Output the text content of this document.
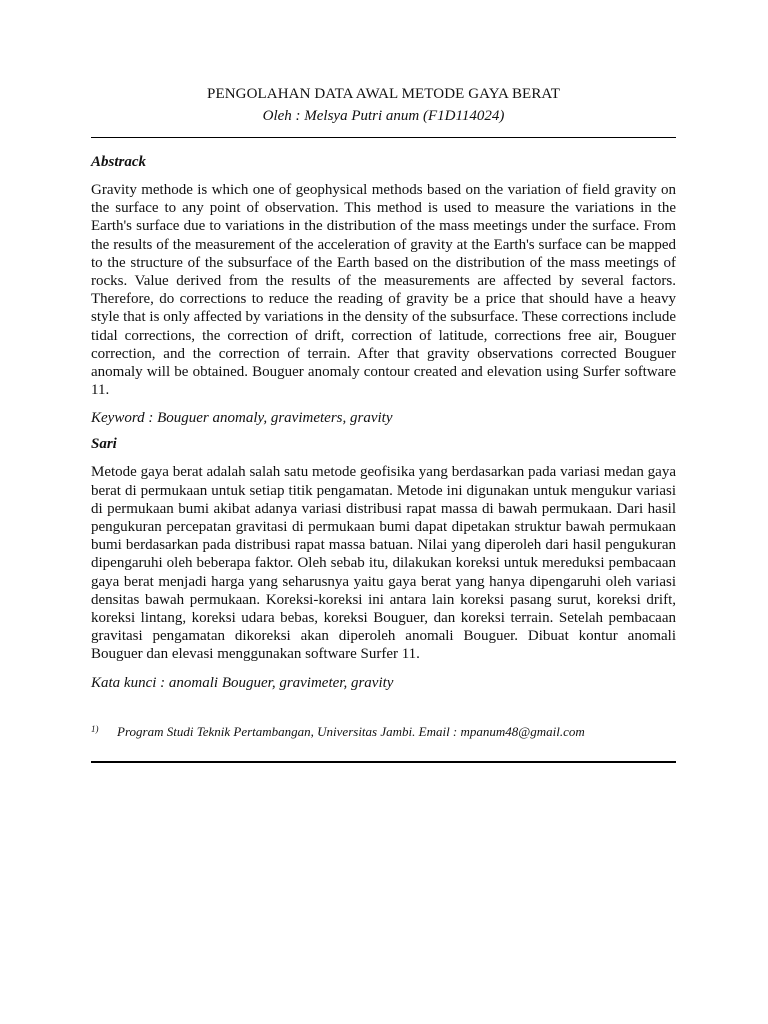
PENGOLAHAN DATA AWAL METODE GAYA BERAT
Oleh : Melsya Putri anum (F1D114024)
Abstrack

Gravity methode is which one of geophysical methods based on the variation of field gravity on the surface to any point of observation. This method is used to measure the variations in the Earth's surface due to variations in the distribution of the mass meetings under the surface. From the results of the measurement of the acceleration of gravity at the Earth's surface can be mapped to the structure of the subsurface of the Earth based on the distribution of the mass meetings of rocks. Value derived from the results of the measurements are affected by several factors. Therefore, do corrections to reduce the reading of gravity be a price that should have a heavy style that is only affected by variations in the density of the subsurface. These corrections include tidal corrections, the correction of drift, correction of latitude, corrections free air, Bouguer correction, and the correction of terrain. After that gravity observations corrected Bouguer anomaly will be obtained. Bouguer anomaly contour created and elevation using Surfer software 11.

Keyword : Bouguer anomaly, gravimeters, gravity
Sari

Metode gaya berat adalah salah satu metode geofisika yang berdasarkan pada variasi medan gaya berat di permukaan untuk setiap titik pengamatan. Metode ini digunakan untuk mengukur variasi di permukaan bumi akibat adanya variasi distribusi rapat massa di bawah permukaan. Dari hasil pengukuran percepatan gravitasi di permukaan bumi dapat dipetakan struktur bawah permukaan bumi berdasarkan pada distribusi rapat massa batuan. Nilai yang diperoleh dari hasil pengukuran dipengaruhi oleh beberapa faktor. Oleh sebab itu, dilakukan koreksi untuk mereduksi pembacaan gaya berat menjadi harga yang seharusnya yaitu gaya berat yang hanya dipengaruhi oleh variasi densitas bawah permukaan. Koreksi-koreksi ini antara lain koreksi pasang surut, koreksi drift, koreksi lintang, koreksi udara bebas, koreksi Bouguer, dan koreksi terrain. Setelah pembacaan gravitasi pengamatan dikoreksi akan diperoleh anomali Bouguer. Dibuat kontur anomali Bouguer dan elevasi menggunakan software Surfer 11.

Kata kunci : anomali Bouguer, gravimeter, gravity
1)	Program Studi Teknik Pertambangan, Universitas Jambi. Email : mpanum48@gmail.com
